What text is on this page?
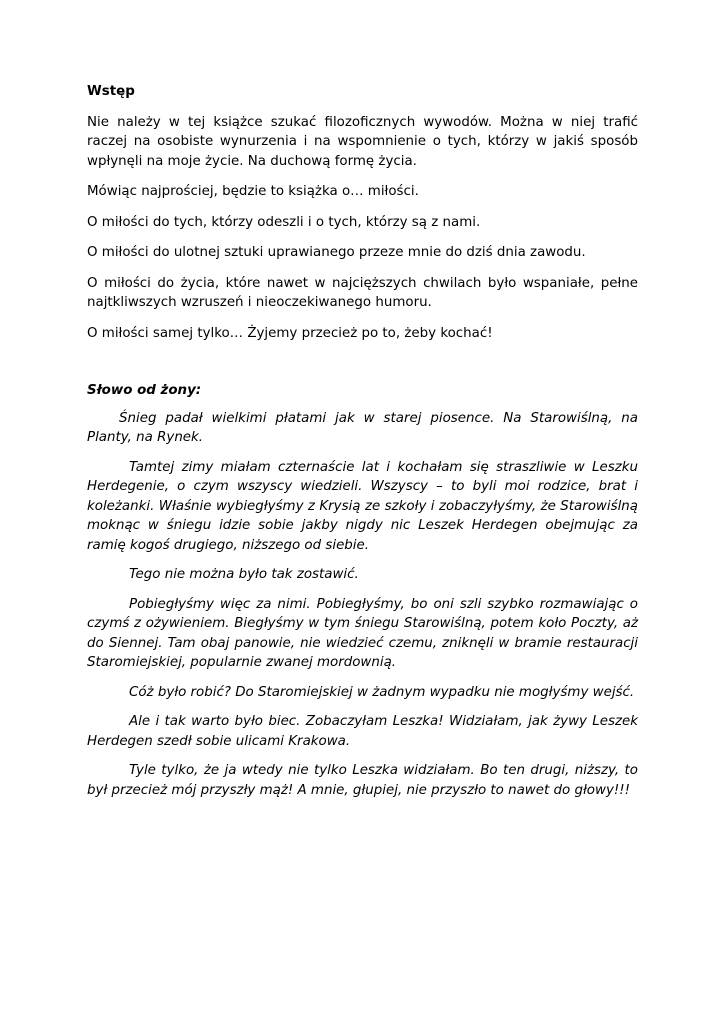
Wstęp

Nie należy w tej książce szukać filozoficznych wywodów. Można w niej trafić raczej na osobiste wynurzenia i na wspomnienie o tych, którzy w jakiś sposób wpłynęli na moje życie. Na duchową formę życia.

Mówiąc najprościej, będzie to książka o… miłości.

O miłości do tych, którzy odeszli i o tych, którzy są z nami.

O miłości do ulotnej sztuki uprawianego przeze mnie do dziś dnia zawodu.

O miłości do życia, które nawet w najcięższych chwilach było wspaniałe, pełne najtkliwszych wzruszeń i nieoczekiwanego humoru.

O miłości samej tylko… Żyjemy przecież po to, żeby kochać!

Słowo od żony:

Śnieg padał wielkimi płatami jak w starej piosence. Na Starowiślną, na Planty, na Rynek.

Tamtej zimy miałam czternaście lat i kochałam się straszliwie w Leszku Herdegenie, o czym wszyscy wiedzieli. Wszyscy – to byli moi rodzice, brat i koleżanki. Właśnie wybiegłyśmy z Krysią ze szkoły i zobaczyłyśmy, że Starowiślną moknąc w śniegu idzie sobie jakby nigdy nic Leszek Herdegen obejmując za ramię kogoś drugiego, niższego od siebie.

Tego nie można było tak zostawić.

Pobiegłyśmy więc za nimi. Pobiegłyśmy, bo oni szli szybko rozmawiając o czymś z ożywieniem. Biegłyśmy w tym śniegu Starowiślną, potem koło Poczty, aż do Siennej. Tam obaj panowie, nie wiedzieć czemu, zniknęli w bramie restauracji Staromiejskiej, popularnie zwanej mordownią.

Cóż było robić? Do Staromiejskiej w żadnym wypadku nie mogłyśmy wejść.

Ale i tak warto było biec. Zobaczyłam Leszka! Widziałam, jak żywy Leszek Herdegen szedł sobie ulicami Krakowa.

Tyle tylko, że ja wtedy nie tylko Leszka widziałam. Bo ten drugi, niższy, to był przecież mój przyszły mąż! A mnie, głupiej, nie przyszło to nawet do głowy!!!
